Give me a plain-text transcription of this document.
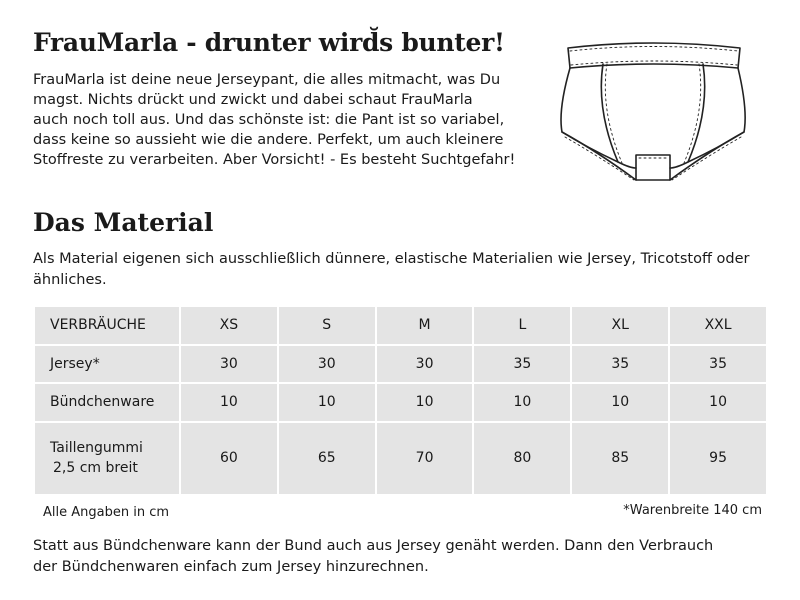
FrauMarla - drunter wird̆s bunter!
FrauMarla ist deine neue Jerseypant, die alles mitmacht, was Du
magst. Nichts drückt und zwickt und dabei schaut FrauMarla
auch noch toll aus. Und das schönste ist: die Pant ist so variabel,
dass keine so aussieht wie die andere. Perfekt, um auch kleinere
Stoffreste zu verarbeiten. Aber Vorsicht! - Es besteht Suchtgefahr!
Das Material
Als Material eigenen sich ausschließlich dünnere, elastische Materialien wie Jersey, Tricotstoff oder ähnliches.
VERBRÄUCHE	XS	S	M	L	XL	XXL
Jersey*	30	30	30	35	35	35
Bündchenware	10	10	10	10	10	10

Taillengummi
2,5 cm breit	60	65	70	80	85	95
Alle Angaben in cm	*Warenbreite 140 cm
Statt aus Bündchenware kann der Bund auch aus Jersey genäht werden. Dann den Verbrauch
der Bündchenwaren einfach zum Jersey hinzurechnen.
